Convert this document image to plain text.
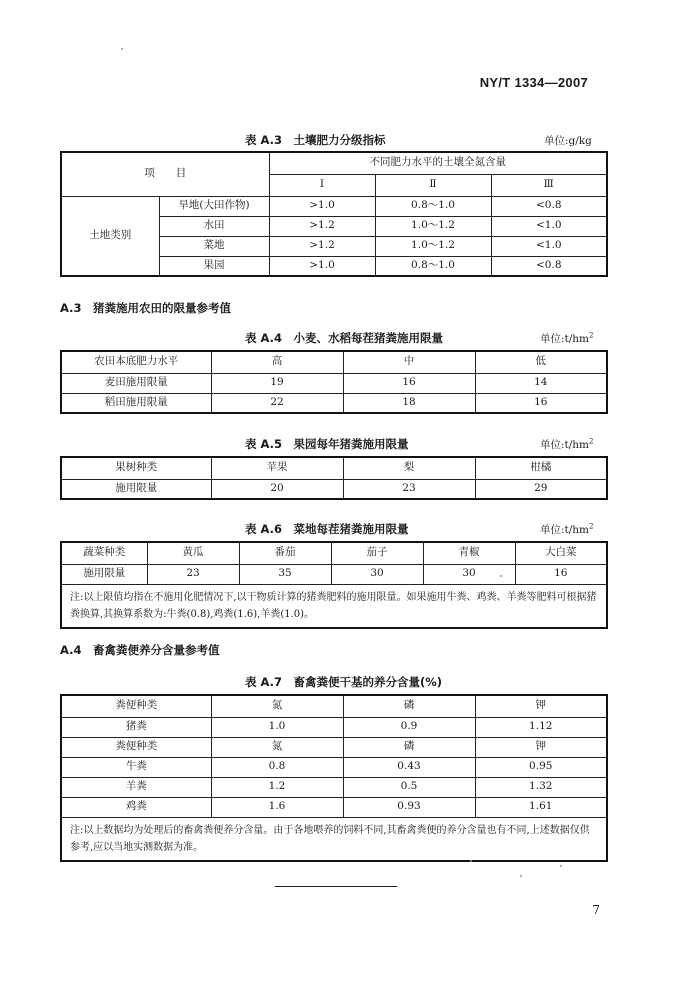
NY/T 1334—2007
表 A.3　土壤肥力分级指标	单位:g/kg
项　　目		不同肥力水平的土壤全氮含量		
		Ⅰ	Ⅱ	Ⅲ
土地类别	旱地(大田作物)	>1.0	0.8～1.0	<0.8
	水田	>1.2	1.0～1.2	<1.0
	菜地	>1.2	1.0～1.2	<1.0
	果园	>1.0	0.8～1.0	<0.8
A.3　猪粪施用农田的限量参考值
表 A.4　小麦、水稻每茬猪粪施用限量	单位$:t/hm^2$
农田本底肥力水平	高	中	低
麦田施用限量	19	16	14
稻田施用限量	22	18	16
表 A.5　果园每年猪粪施用限量	单位$:t/hm^2$
果树种类	苹果	梨	柑橘
施用限量	20	23	29
表 A.6　菜地每茬猪粪施用限量	单位$:t/hm^2$
蔬菜种类	黄瓜	番茄	茄子	青椒	大白菜
施用限量	23	35	30	30	16
注:以上限值均指在不施用化肥情况下,以干物质计算的猪粪肥料的施用限量。如果施用牛粪、鸡粪、羊粪等肥料可根据猪粪换算,其换算系数为:牛粪(0.8),鸡粪(1.6),羊粪(1.0)。					
A.4　畜禽粪便养分含量参考值
表 A.7　畜禽粪便干基的养分含量(%)
粪便种类	氮	磷	钾
猪粪	1.0	0.9	1.12
粪便种类	氮	磷	钾
牛粪	0.8	0.43	0.95
羊粪	1.2	0.5	1.32
鸡粪	1.6	0.93	1.61
注:以上数据均为处理后的畜禽粪便养分含量。由于各地喂养的饲料不同,其畜禽粪便的养分含量也有不同,上述数据仅供参考,应以当地实测数据为准。			
7
